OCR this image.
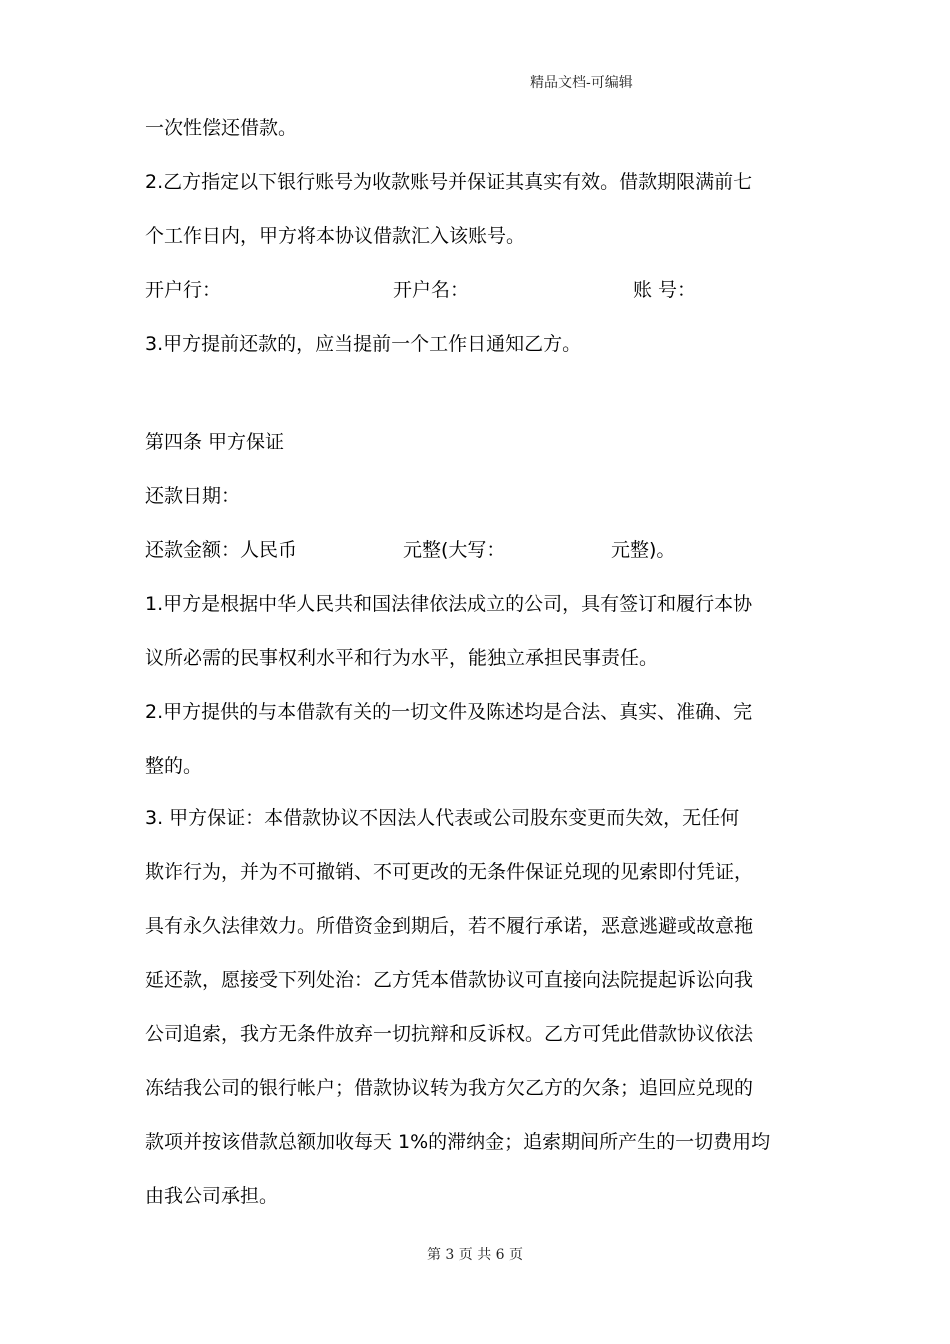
精品文档-可编辑
一次性偿还借款。
2.乙方指定以下银行账号为收款账号并保证其真实有效。借款期限满前七
个工作日内，甲方将本协议借款汇入该账号。
开户行：	开户名：	账 号：
3.甲方提前还款的，应当提前一个工作日通知乙方。
第四条 甲方保证
还款日期：
还款金额：人民币	元整(大写：	元整)。
1.甲方是根据中华人民共和国法律依法成立的公司，具有签订和履行本协
议所必需的民事权利水平和行为水平，能独立承担民事责任。
2.甲方提供的与本借款有关的一切文件及陈述均是合法、真实、准确、完
整的。
3. 甲方保证：本借款协议不因法人代表或公司股东变更而失效，无任何
欺诈行为，并为不可撤销、不可更改的无条件保证兑现的见索即付凭证，
具有永久法律效力。所借资金到期后，若不履行承诺，恶意逃避或故意拖
延还款，愿接受下列处治：乙方凭本借款协议可直接向法院提起诉讼向我
公司追索，我方无条件放弃一切抗辩和反诉权。乙方可凭此借款协议依法
冻结我公司的银行帐户；借款协议转为我方欠乙方的欠条；追回应兑现的
款项并按该借款总额加收每天 1%的滞纳金；追索期间所产生的一切费用均
由我公司承担。
第 3 页 共 6 页
